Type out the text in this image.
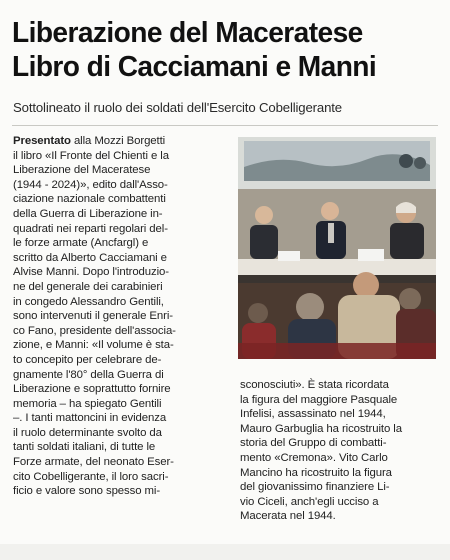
Liberazione del Maceratese
Libro di Cacciamani e Manni
Sottolineato il ruolo dei soldati dell'Esercito Cobelligerante

Presentato alla Mozzi Borgetti

il libro «Il Fronte del Chienti e la

Liberazione del Maceratese

(1944 - 2024)», edito dall'Asso-

ciazione nazionale combattenti

della Guerra di Liberazione in-

quadrati nei reparti regolari del-

le forze armate (Ancfargl) e

scritto da Alberto Cacciamani e

Alvise Manni. Dopo l'introduzio-

ne del generale dei carabinieri

in congedo Alessandro Gentili,

sono intervenuti il generale Enri-

co Fano, presidente dell'associa-

zione, e Manni: «Il volume è sta-

to concepito per celebrare de-

gnamente l'80° della Guerra di

Liberazione e soprattutto fornire

memoria – ha spiegato Gentili

–. I tanti mattoncini in evidenza

il ruolo determinante svolto da

tanti soldati italiani, di tutte le

Forze armate, del neonato Eser-

cito Cobelligerante, il loro sacri-

ficio e valore sono spesso mi-

sconosciuti». È stata ricordata

la figura del maggiore Pasquale

Infelisi, assassinato nel 1944,

Mauro Garbuglia ha ricostruito la

storia del Gruppo di combatti-

mento «Cremona». Vito Carlo

Mancino ha ricostruito la figura

del giovanissimo finanziere Li-

vio Ciceli, anch'egli ucciso a

Macerata nel 1944.
